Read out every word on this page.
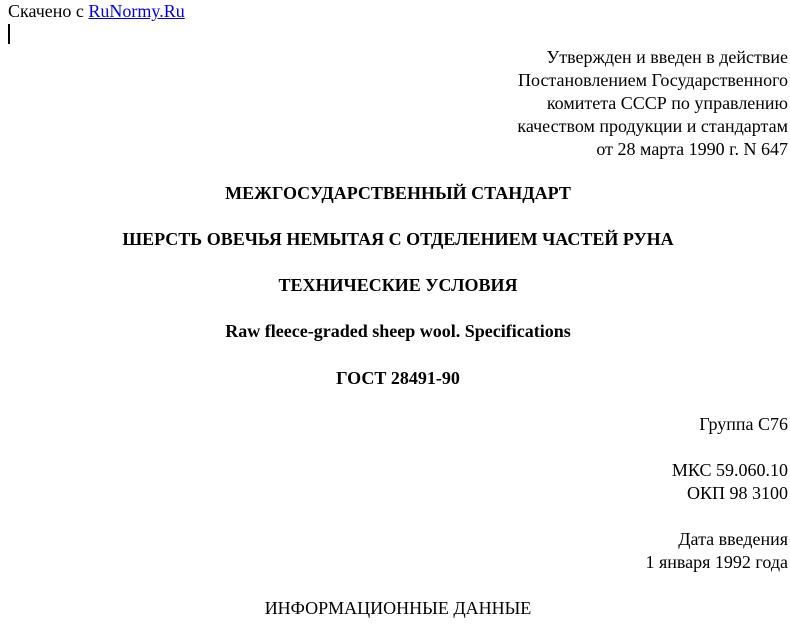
Скачено с RuNormy.Ru
Утвержден и введен в действие
Постановлением Государственного
комитета СССР по управлению
качеством продукции и стандартам
от 28 марта 1990 г. N 647
МЕЖГОСУДАРСТВЕННЫЙ СТАНДАРТ
ШЕРСТЬ ОВЕЧЬЯ НЕМЫТАЯ С ОТДЕЛЕНИЕМ ЧАСТЕЙ РУНА
ТЕХНИЧЕСКИЕ УСЛОВИЯ
Raw fleece-graded sheep wool. Specifications
ГОСТ 28491-90
Группа С76
МКС 59.060.10
ОКП 98 3100
Дата введения
1 января 1992 года
ИНФОРМАЦИОННЫЕ ДАННЫЕ
